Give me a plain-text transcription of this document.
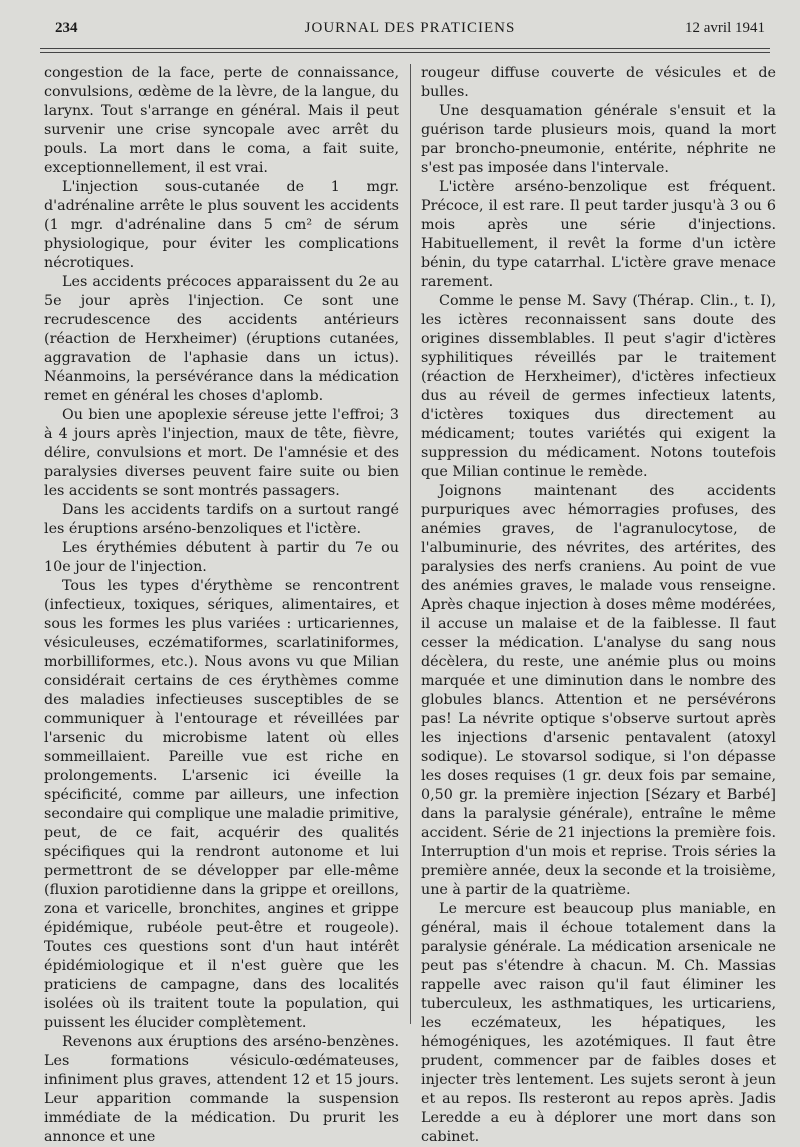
234	JOURNAL DES PRATICIENS	12 avril 1941

congestion de la face, perte de connaissance, convulsions, œdème de la lèvre, de la langue, du larynx. Tout s'arrange en général. Mais il peut survenir une crise syncopale avec arrêt du pouls. La mort dans le coma, a fait suite, exceptionnellement, il est vrai.

L'injection sous-cutanée de 1 mgr. d'adrénaline arrête le plus souvent les accidents (1 mgr. d'adrénaline dans 5 cm² de sérum physiologique, pour éviter les complications nécrotiques.

Les accidents précoces apparaissent du 2e au 5e jour après l'injection. Ce sont une recrudescence des accidents antérieurs (réaction de Herxheimer) (éruptions cutanées, aggravation de l'aphasie dans un ictus). Néanmoins, la persévérance dans la médication remet en général les choses d'aplomb.

Ou bien une apoplexie séreuse jette l'effroi; 3 à 4 jours après l'injection, maux de tête, fièvre, délire, convulsions et mort. De l'amnésie et des paralysies diverses peuvent faire suite ou bien les accidents se sont montrés passagers.

Dans les accidents tardifs on a surtout rangé les éruptions arséno-benzoliques et l'ictère.

Les érythémies débutent à partir du 7e ou 10e jour de l'injection.

Tous les types d'érythème se rencontrent (infectieux, toxiques, sériques, alimentaires, et sous les formes les plus variées : urticariennes, vésiculeuses, eczématiformes, scarlatiniformes, morbilliformes, etc.). Nous avons vu que Milian considérait certains de ces érythèmes comme des maladies infectieuses susceptibles de se communiquer à l'entourage et réveillées par l'arsenic du microbisme latent où elles sommeillaient. Pareille vue est riche en prolongements. L'arsenic ici éveille la spécificité, comme par ailleurs, une infection secondaire qui complique une maladie primitive, peut, de ce fait, acquérir des qualités spécifiques qui la rendront autonome et lui permettront de se développer par elle-même (fluxion parotidienne dans la grippe et oreillons, zona et varicelle, bronchites, angines et grippe épidémique, rubéole peut-être et rougeole). Toutes ces questions sont d'un haut intérêt épidémiologique et il n'est guère que les praticiens de campagne, dans des localités isolées où ils traitent toute la population, qui puissent les élucider complètement.

Revenons aux éruptions des arséno-benzènes. Les formations vésiculo-œdémateuses, infiniment plus graves, attendent 12 et 15 jours. Leur apparition commande la suspension immédiate de la médication. Du prurit les annonce et une

rougeur diffuse couverte de vésicules et de bulles.

Une desquamation générale s'ensuit et la guérison tarde plusieurs mois, quand la mort par broncho-pneumonie, entérite, néphrite ne s'est pas imposée dans l'intervale.

L'ictère arséno-benzolique est fréquent. Précoce, il est rare. Il peut tarder jusqu'à 3 ou 6 mois après une série d'injections. Habituellement, il revêt la forme d'un ictère bénin, du type catarrhal. L'ictère grave menace rarement.

Comme le pense M. Savy (Thérap. Clin., t. I), les ictères reconnaissent sans doute des origines dissemblables. Il peut s'agir d'ictères syphilitiques réveillés par le traitement (réaction de Herxheimer), d'ictères infectieux dus au réveil de germes infectieux latents, d'ictères toxiques dus directement au médicament; toutes variétés qui exigent la suppression du médicament. Notons toutefois que Milian continue le remède.

Joignons maintenant des accidents purpuriques avec hémorragies profuses, des anémies graves, de l'agranulocytose, de l'albuminurie, des névrites, des artérites, des paralysies des nerfs craniens. Au point de vue des anémies graves, le malade vous renseigne. Après chaque injection à doses même modérées, il accuse un malaise et de la faiblesse. Il faut cesser la médication. L'analyse du sang nous décèlera, du reste, une anémie plus ou moins marquée et une diminution dans le nombre des globules blancs. Attention et ne persévérons pas! La névrite optique s'observe surtout après les injections d'arsenic pentavalent (atoxyl sodique). Le stovarsol sodique, si l'on dépasse les doses requises (1 gr. deux fois par semaine, 0,50 gr. la première injection [Sézary et Barbé] dans la paralysie générale), entraîne le même accident. Série de 21 injections la première fois. Interruption d'un mois et reprise. Trois séries la première année, deux la seconde et la troisième, une à partir de la quatrième.

Le mercure est beaucoup plus maniable, en général, mais il échoue totalement dans la paralysie générale. La médication arsenicale ne peut pas s'étendre à chacun. M. Ch. Massias rappelle avec raison qu'il faut éliminer les tuberculeux, les asthmatiques, les urticariens, les eczémateux, les hépatiques, les hémogéniques, les azotémiques. Il faut être prudent, commencer par de faibles doses et injecter très lentement. Les sujets seront à jeun et au repos. Ils resteront au repos après. Jadis Leredde a eu à déplorer une mort dans son cabinet.
